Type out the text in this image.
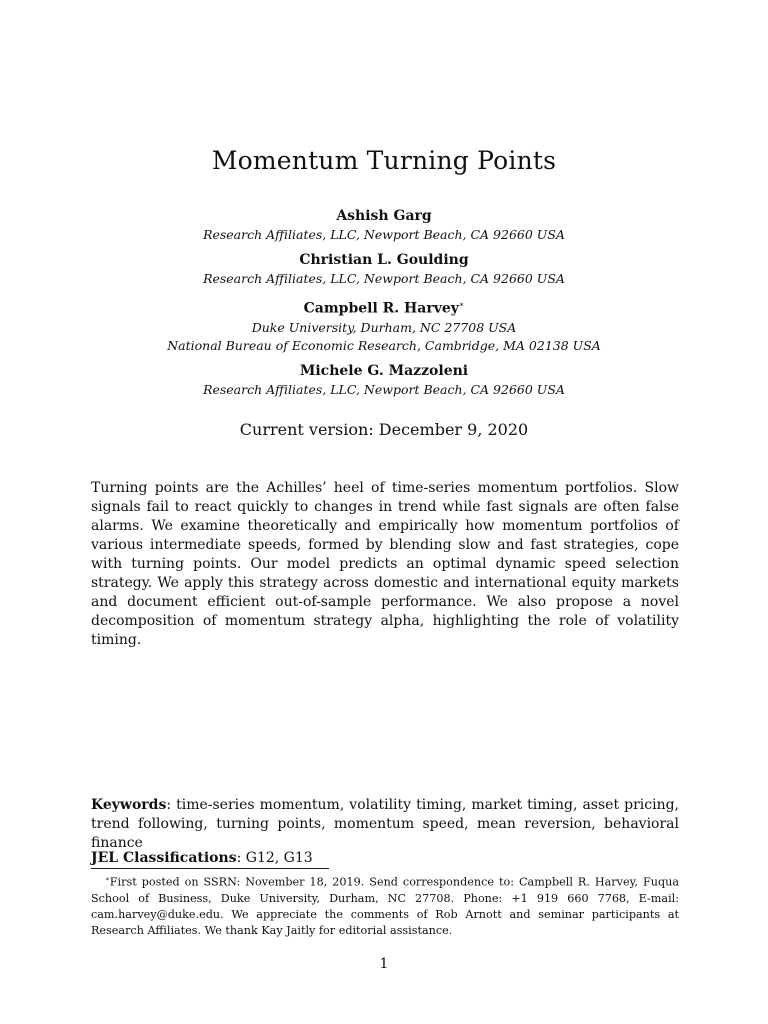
Momentum Turning Points
Ashish Garg
Research Affiliates, LLC, Newport Beach, CA 92660 USA
Christian L. Goulding
Research Affiliates, LLC, Newport Beach, CA 92660 USA
Campbell R. Harvey∗
Duke University, Durham, NC 27708 USA
National Bureau of Economic Research, Cambridge, MA 02138 USA
Michele G. Mazzoleni
Research Affiliates, LLC, Newport Beach, CA 92660 USA
Current version: December 9, 2020

Turning points are the Achilles’ heel of time-series momentum portfolios. Slow signals fail to react quickly to changes in trend while fast signals are often false alarms. We examine theoretically and empirically how momentum portfolios of various intermediate speeds, formed by blending slow and fast strategies, cope with turning points. Our model predicts an optimal dynamic speed selection strategy. We apply this strategy across domestic and international equity markets and document efficient out-of-sample performance. We also propose a novel decomposition of momentum strategy alpha, highlighting the role of volatility timing.

Keywords: time-series momentum, volatility timing, market timing, asset pricing, trend following, turning points, momentum speed, mean reversion, behavioral finance

JEL Classifications: G12, G13

∗First posted on SSRN: November 18, 2019. Send correspondence to: Campbell R. Harvey, Fuqua School of Business, Duke University, Durham, NC 27708. Phone: +1 919 660 7768, E-mail: cam.harvey@duke.edu. We appreciate the comments of Rob Arnott and seminar participants at Research Affiliates. We thank Kay Jaitly for editorial assistance.

1
